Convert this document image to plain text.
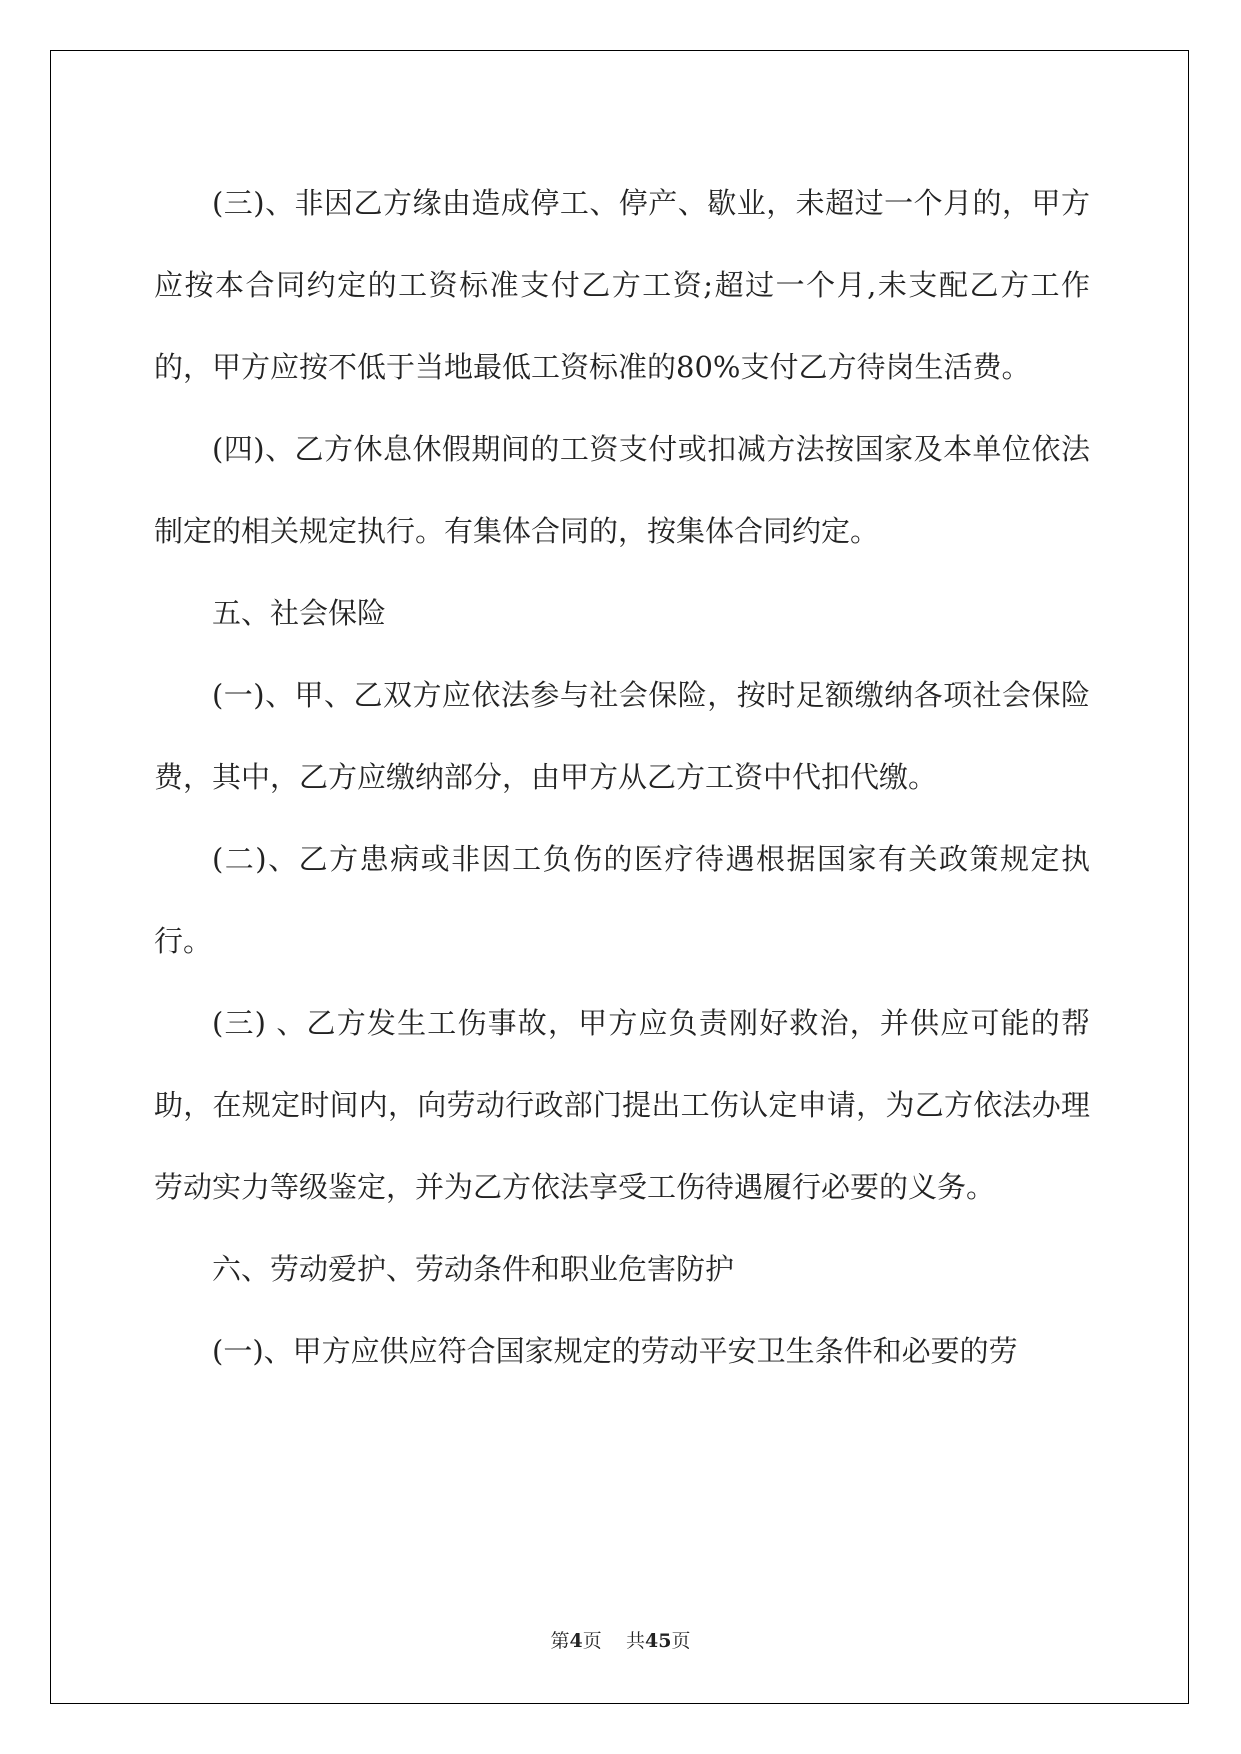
(三)、非因乙方缘由造成停工、停产、歇业，未超过一个月的，甲方应按本合同约定的工资标准支付乙方工资;超过一个月,未支配乙方工作的，甲方应按不低于当地最低工资标准的80%支付乙方待岗生活费。

(四)、乙方休息休假期间的工资支付或扣减方法按国家及本单位依法制定的相关规定执行。有集体合同的，按集体合同约定。

五、社会保险

(一)、甲、乙双方应依法参与社会保险，按时足额缴纳各项社会保险费，其中，乙方应缴纳部分，由甲方从乙方工资中代扣代缴。

(二)、乙方患病或非因工负伤的医疗待遇根据国家有关政策规定执行。

(三) 、乙方发生工伤事故，甲方应负责刚好救治，并供应可能的帮助，在规定时间内，向劳动行政部门提出工伤认定申请，为乙方依法办理劳动实力等级鉴定，并为乙方依法享受工伤待遇履行必要的义务。

六、劳动爱护、劳动条件和职业危害防护

(一)、甲方应供应符合国家规定的劳动平安卫生条件和必要的劳

第4页 共45页
